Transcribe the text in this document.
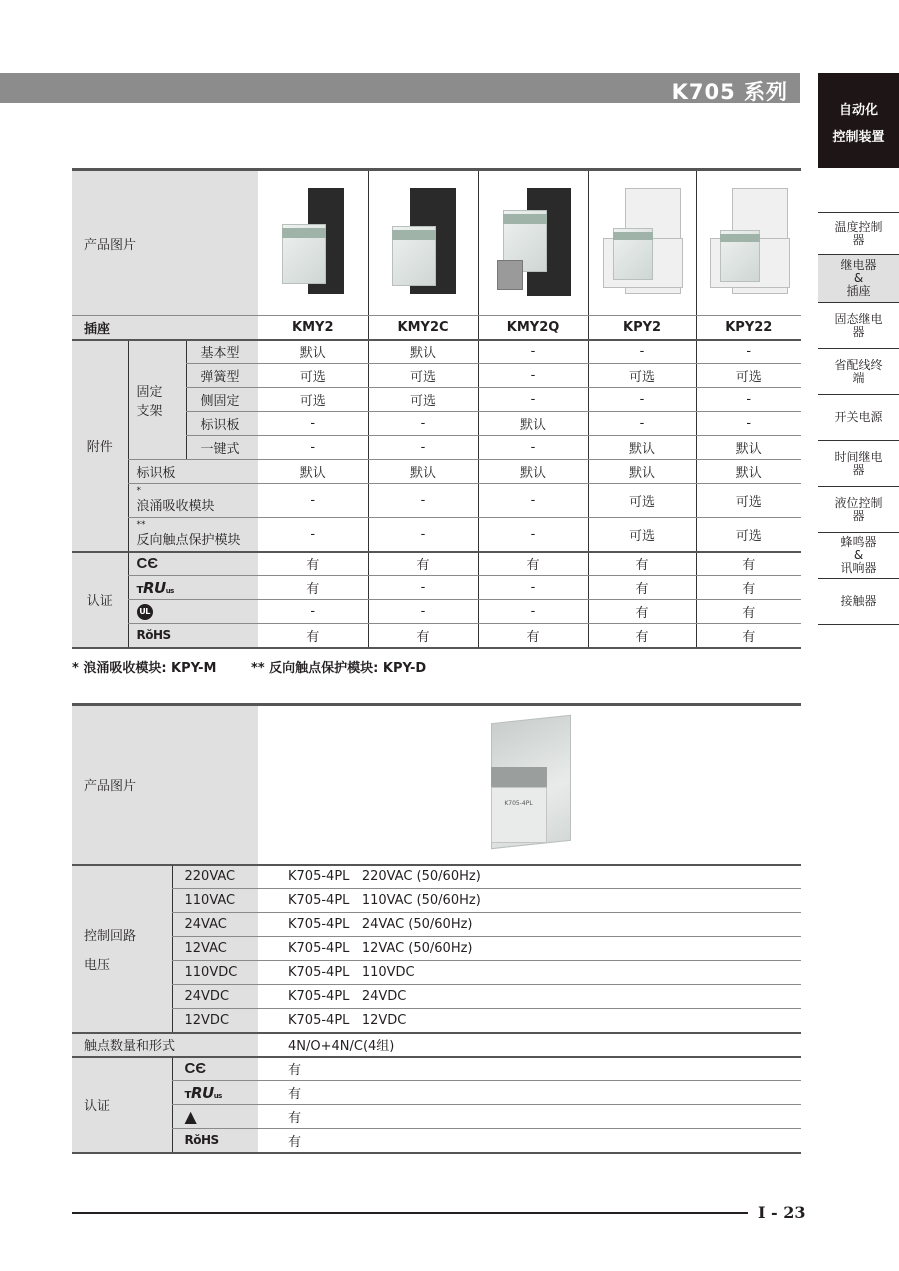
K705 系列
自动化
控制装置
温度控制
器
继电器
&
插座
固态继电
器
省配线终
端
开关电源
时间继电
器
液位控制
器
蜂鸣器
&
讯响器
接触器
产品图片			

插座			KMY2	KMY2C	KMY2Q	KPY2	KPY22
附件	固定
支架	基本型	默认	默认	-	-	-
		弹簧型	可选	可选	-	可选	可选
		侧固定	可选	可选	-	-	-
		标识板	-	-	默认	-	-
		一键式	-	-	-	默认	默认
	标识板		默认	默认	默认	默认	默认

	*
浪涌吸收模块		-	-	-	可选	可选

	**
反向触点保护模块		-	-	-	可选	可选
认证	CЄ		有	有	有	有	有
	ᴛRUus		有	-	-	有	有
	UL		-	-	-	有	有
	RŏHS		有	有	有	有	有
* 浪涌吸收模块: KPY-M	** 反向触点保护模块: KPY-D
产品图片		K705-4PL

控制回路
电压	220VAC	K705-4PL 220VAC (50/60Hz)
	110VAC	K705-4PL 110VAC (50/60Hz)
	24VAC	K705-4PL 24VAC (50/60Hz)
	12VAC	K705-4PL 12VAC (50/60Hz)
	110VDC	K705-4PL 110VDC
	24VDC	K705-4PL 24VDC
	12VDC	K705-4PL 12VDC
触点数量和形式		4N/O+4N/C(4组)
认证	CЄ	有
	ᴛRUus	有
	▲	有
	RŏHS	有
I - 23
